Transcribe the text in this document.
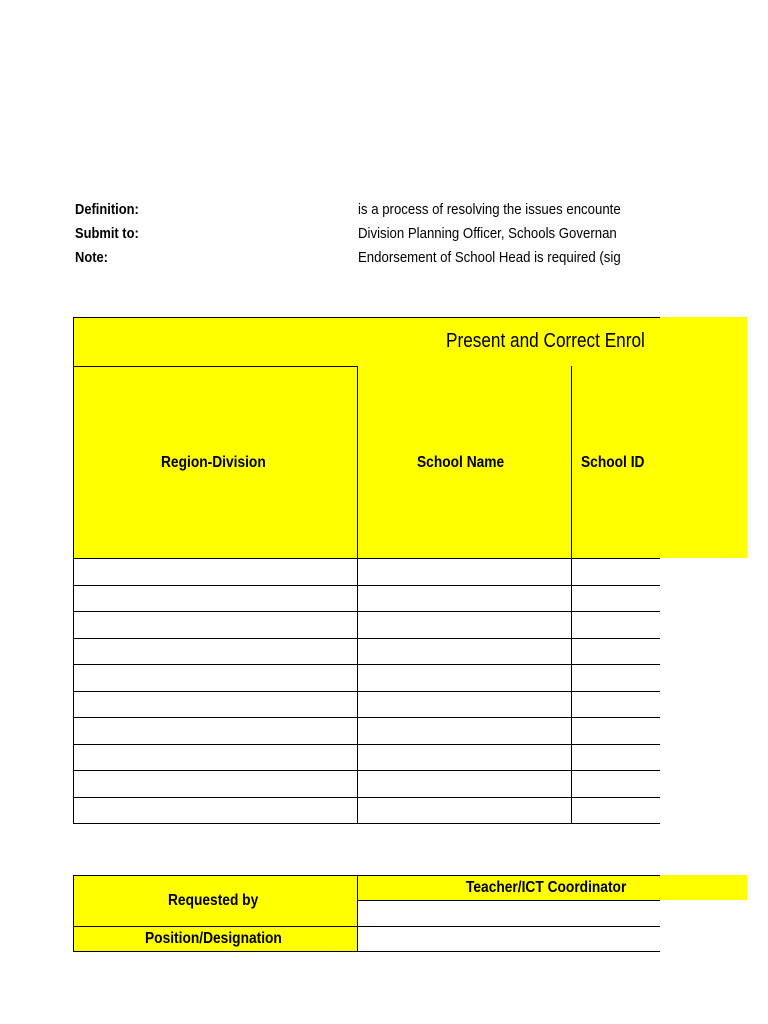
Definition:
Submit to:
Note:
is a process of resolving the issues encounte
Division Planning Officer, Schools Governan
Endorsement of School Head is required (sig
Present and Correct Enrol
Region-Division	School Name	School ID
Requested by
Teacher/ICT Coordinator
Position/Designation
